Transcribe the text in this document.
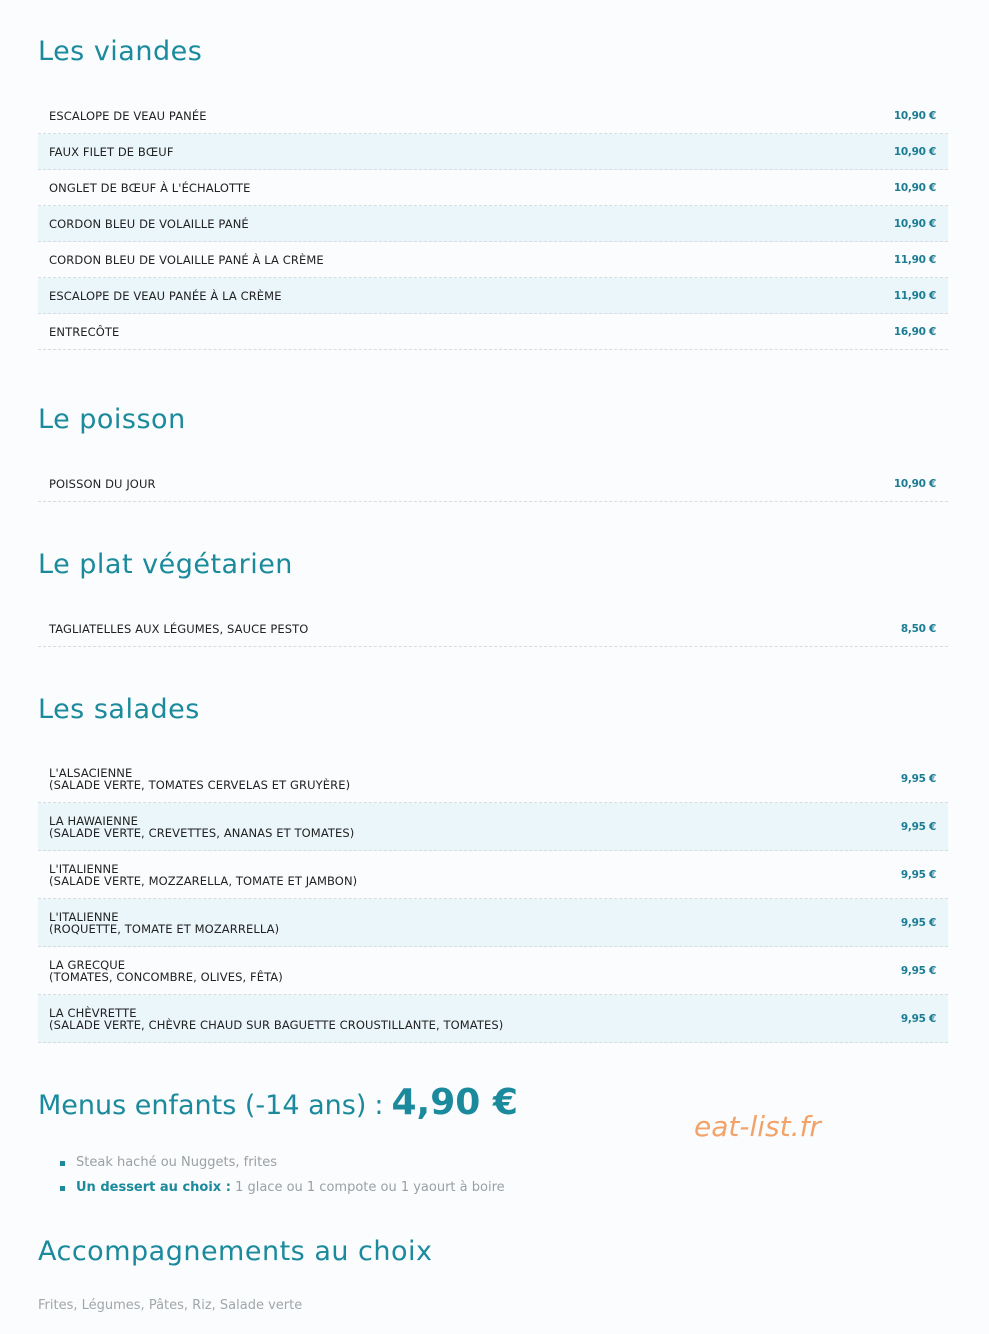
Les viandes
ESCALOPE DE VEAU PANÉE	10,90 €
FAUX FILET DE BŒUF	10,90 €
ONGLET DE BŒUF À L'ÉCHALOTTE	10,90 €
CORDON BLEU DE VOLAILLE PANÉ	10,90 €
CORDON BLEU DE VOLAILLE PANÉ À LA CRÈME	11,90 €
ESCALOPE DE VEAU PANÉE À LA CRÈME	11,90 €
ENTRECÔTE	16,90 €
Le poisson
POISSON DU JOUR	10,90 €
Le plat végétarien
TAGLIATELLES AUX LÉGUMES, SAUCE PESTO	8,50 €
Les salades
L'ALSACIENNE
(SALADE VERTE, TOMATES CERVELAS ET GRUYÈRE)	9,95 €
LA HAWAIENNE
(SALADE VERTE, CREVETTES, ANANAS ET TOMATES)	9,95 €
L'ITALIENNE
(SALADE VERTE, MOZZARELLA, TOMATE ET JAMBON)	9,95 €
L'ITALIENNE
(ROQUETTE, TOMATE ET MOZARRELLA)	9,95 €
LA GRECQUE
(TOMATES, CONCOMBRE, OLIVES, FÊTA)	9,95 €
LA CHÈVRETTE
(SALADE VERTE, CHÈVRE CHAUD SUR BAGUETTE CROUSTILLANTE, TOMATES)	9,95 €
Menus enfants (-14 ans) : 4,90 €
eat-list.fr
Steak haché ou Nuggets, frites
Un dessert au choix : 1 glace ou 1 compote ou 1 yaourt à boire
Accompagnements au choix
Frites, Légumes, Pâtes, Riz, Salade verte
